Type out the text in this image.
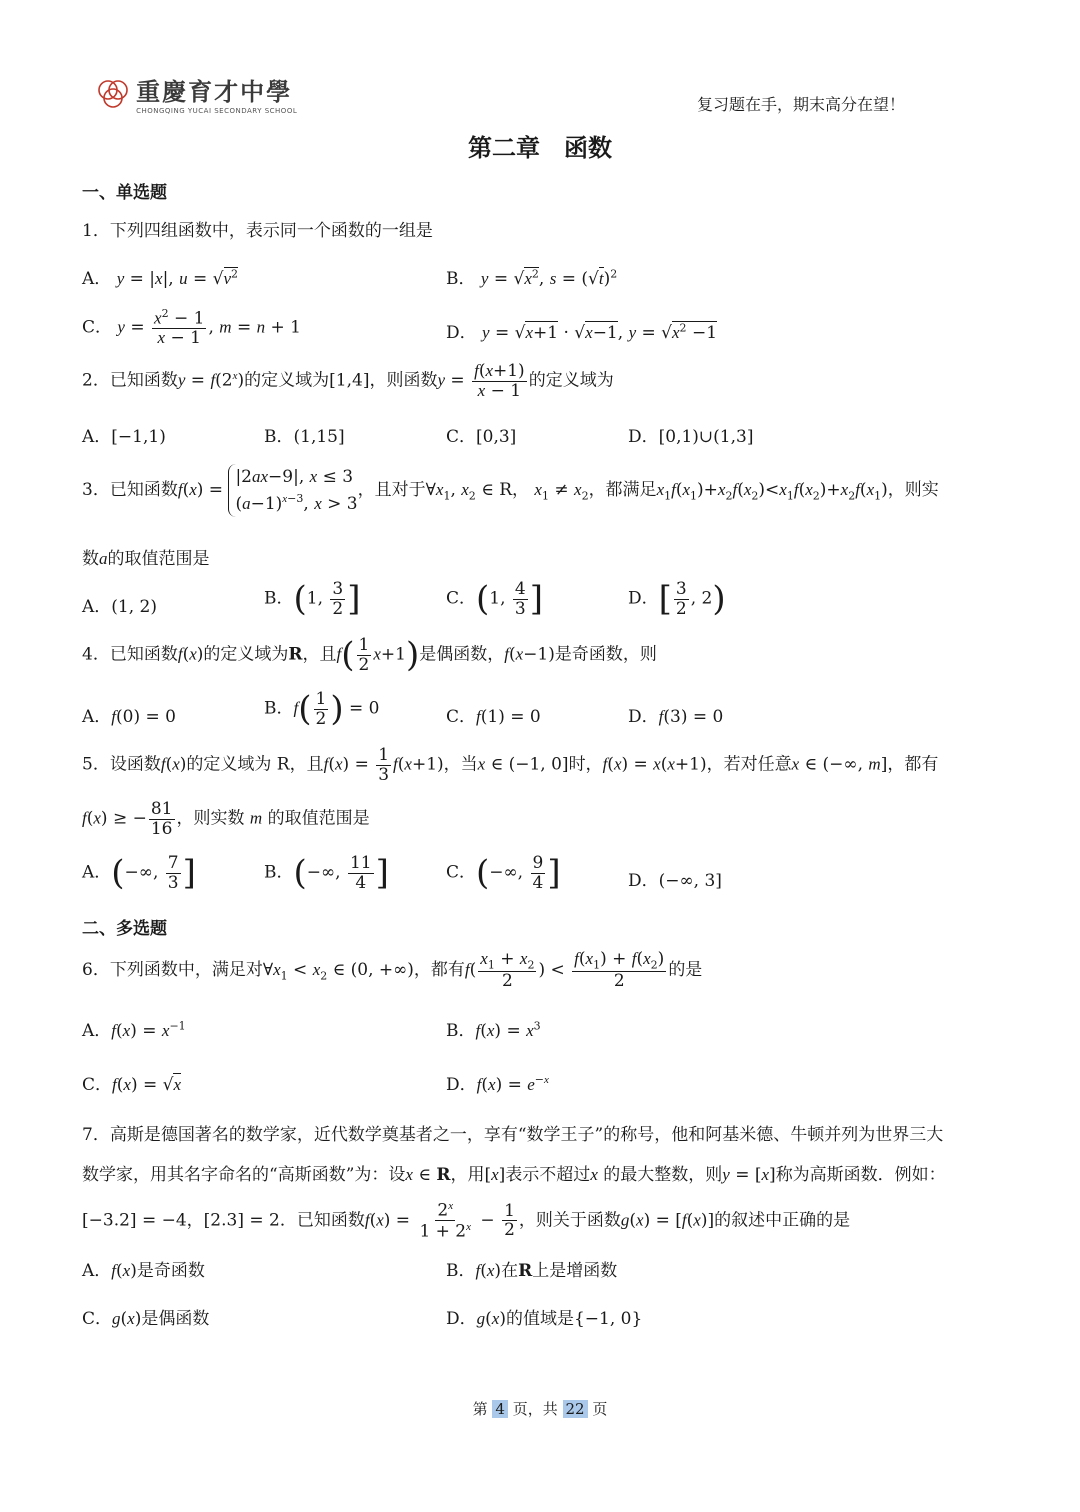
重慶育才中學
CHONGQING YUCAI SECONDARY SCHOOL	复习题在手，期末高分在望！
第二章　函数
一、单选题
1．下列四组函数中，表示同一个函数的一组是
A． y = |x|, $u = √v^2$	B． $y = √x^2$, $s = (√t)^2$
C． $y = \frac{x^2 - 1}{x - 1}$ , m = n + 1	D． y = √x+1 · √x−1, $y = √x^2 -1$
2．已知函数$y = f(2^x)$的定义域为[1,4]，则函数$y = \frac{f(x+1)}{x - 1}$ 的定义域为
A．[−1,1)	B．(1,15]	C．[0,3]	D．[0,1)∪(1,3]
3．已知函数f(x) = |2ax−9|, x ≤ 3
$(a-1)^{x-3}$, x > 3，且对于$\forall x_1$, $x_2$ ∈ R， $x_1 \ne x_2$，都满足$x_1f(x_1)+x_2f(x_2)<x_1f(x_2)+x_2f(x_1)$，则实
数a的取值范围是
A．(1, 2)	B．(1, $\frac{3}{2}$ ]	C．(1, $\frac{4}{3}$ ]	D．[ $\frac{3}{2}$ , 2)
4．已知函数f(x)的定义域为R，且$f( \frac{1}{2} x+1)$是偶函数，f(x−1)是奇函数，则
A．f(0) = 0	B．$f( \frac{1}{2}$ ) = 0	C．f(1) = 0	D．f(3) = 0
5．设函数f(x)的定义域为 R，且$f(x) = \frac{1}{3} f(x+1)$，当x ∈ (−1, 0]时，f(x) = x(x+1)，若对任意x ∈ (−∞, m]，都有
f(x) ≥ − $\frac{81}{16}$ ，则实数 m 的取值范围是
A．(−∞, $\frac{7}{3}$ ]	B．(−∞, $\frac{11}{4}$ ]	C．(−∞, $\frac{9}{4}$ ]	D．(−∞, 3]
二、多选题
6．下列函数中，满足对$\forall x_1 < x_2$ ∈ (0, +∞)，都有$f( \frac{x_1 + x_2}{2}$ ) < $\frac{f(x_1) + f(x_2)}{2}$ 的是
A．$f(x) = x^{-1}$	B．$f(x) = x^3$
C．f(x) = √x	D．$f(x) = e^{-x}$
7．高斯是德国著名的数学家，近代数学奠基者之一，享有“数学王子”的称号，他和阿基米德、牛顿并列为世界三大
数学家，用其名字命名的“高斯函数”为：设x ∈ R，用[x]表示不超过x 的最大整数，则y = [x]称为高斯函数．例如：
[−3.2] = −4，[2.3] = 2．已知函数$f(x) = \frac{2^x}{1 + 2^x} - \frac{1}{2}$ ，则关于函数g(x) = [f(x)]的叙述中正确的是
A．f(x)是奇函数	B．f(x)在R上是增函数
C．g(x)是偶函数	D．g(x)的值域是{−1, 0}
第 4 页，共 22 页
